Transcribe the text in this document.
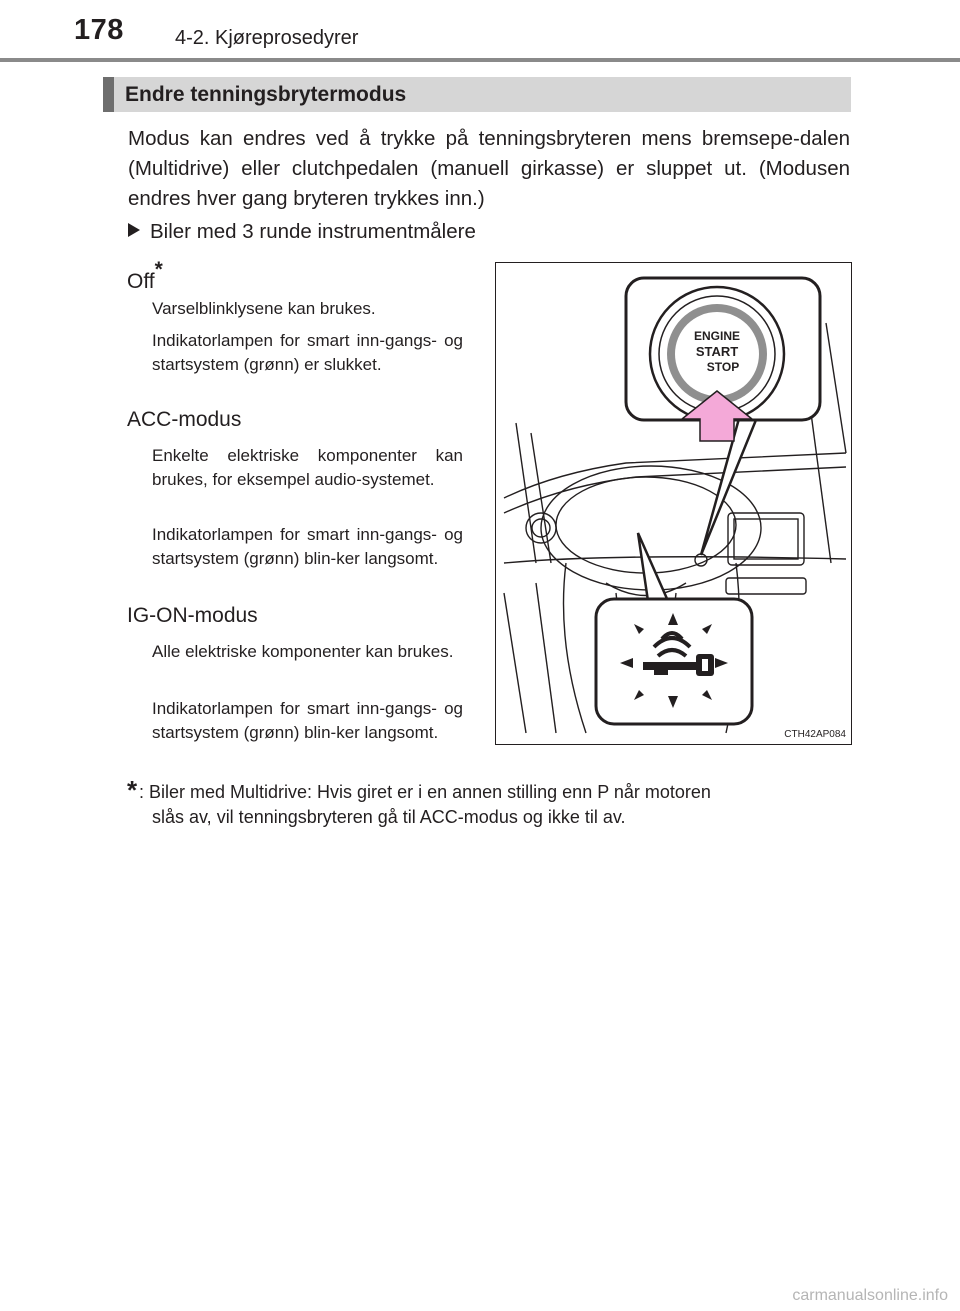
178	4-2. Kjøreprosedyrer
Endre tenningsbrytermodus

Modus kan endres ved å trykke på tenningsbryteren mens bremsepe-dalen (Multidrive) eller clutchpedalen (manuell girkasse) er sluppet ut. (Modusen endres hver gang bryteren trykkes inn.)

Biler med 3 runde instrumentmålere
Off*

Varselblinklysene kan brukes.

Indikatorlampen for smart inn-gangs- og startsystem (grønn) er slukket.

ACC-modus

Enkelte elektriske komponenter kan brukes, for eksempel audio-systemet.

Indikatorlampen for smart inn-gangs- og startsystem (grønn) blin-ker langsomt.

IG-ON-modus

Alle elektriske komponenter kan brukes.

Indikatorlampen for smart inn-gangs- og startsystem (grønn) blin-ker langsomt.

ENGINE
START
STOP
CTH42AP084
* : Biler med Multidrive: Hvis giret er i en annen stilling enn P når motoren
slås av, vil tenningsbryteren gå til ACC-modus og ikke til av.
carmanualsonline.info
